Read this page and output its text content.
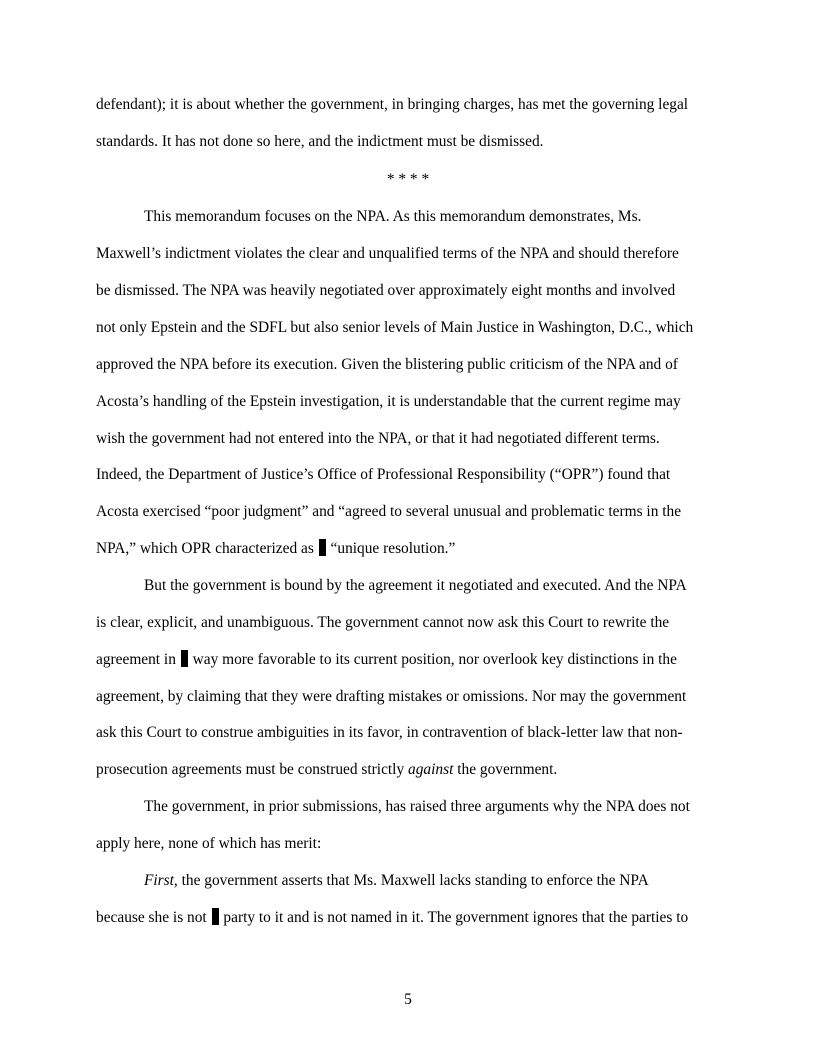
defendant); it is about whether the government, in bringing charges, has met the governing legal
standards. It has not done so here, and the indictment must be dismissed.
* * * *
This memorandum focuses on the NPA. As this memorandum demonstrates, Ms.
Maxwell’s indictment violates the clear and unqualified terms of the NPA and should therefore
be dismissed. The NPA was heavily negotiated over approximately eight months and involved
not only Epstein and the SDFL but also senior levels of Main Justice in Washington, D.C., which
approved the NPA before its execution. Given the blistering public criticism of the NPA and of
Acosta’s handling of the Epstein investigation, it is understandable that the current regime may
wish the government had not entered into the NPA, or that it had negotiated different terms.
Indeed, the Department of Justice’s Office of Professional Responsibility (“OPR”) found that
Acosta exercised “poor judgment” and “agreed to several unusual and problematic terms in the
NPA,” which OPR characterized as “unique resolution.”
But the government is bound by the agreement it negotiated and executed. And the NPA
is clear, explicit, and unambiguous. The government cannot now ask this Court to rewrite the
agreement in way more favorable to its current position, nor overlook key distinctions in the
agreement, by claiming that they were drafting mistakes or omissions. Nor may the government
ask this Court to construe ambiguities in its favor, in contravention of black-letter law that non-
prosecution agreements must be construed strictly against the government.
The government, in prior submissions, has raised three arguments why the NPA does not
apply here, none of which has merit:
First, the government asserts that Ms. Maxwell lacks standing to enforce the NPA
because she is not party to it and is not named in it. The government ignores that the parties to
5
